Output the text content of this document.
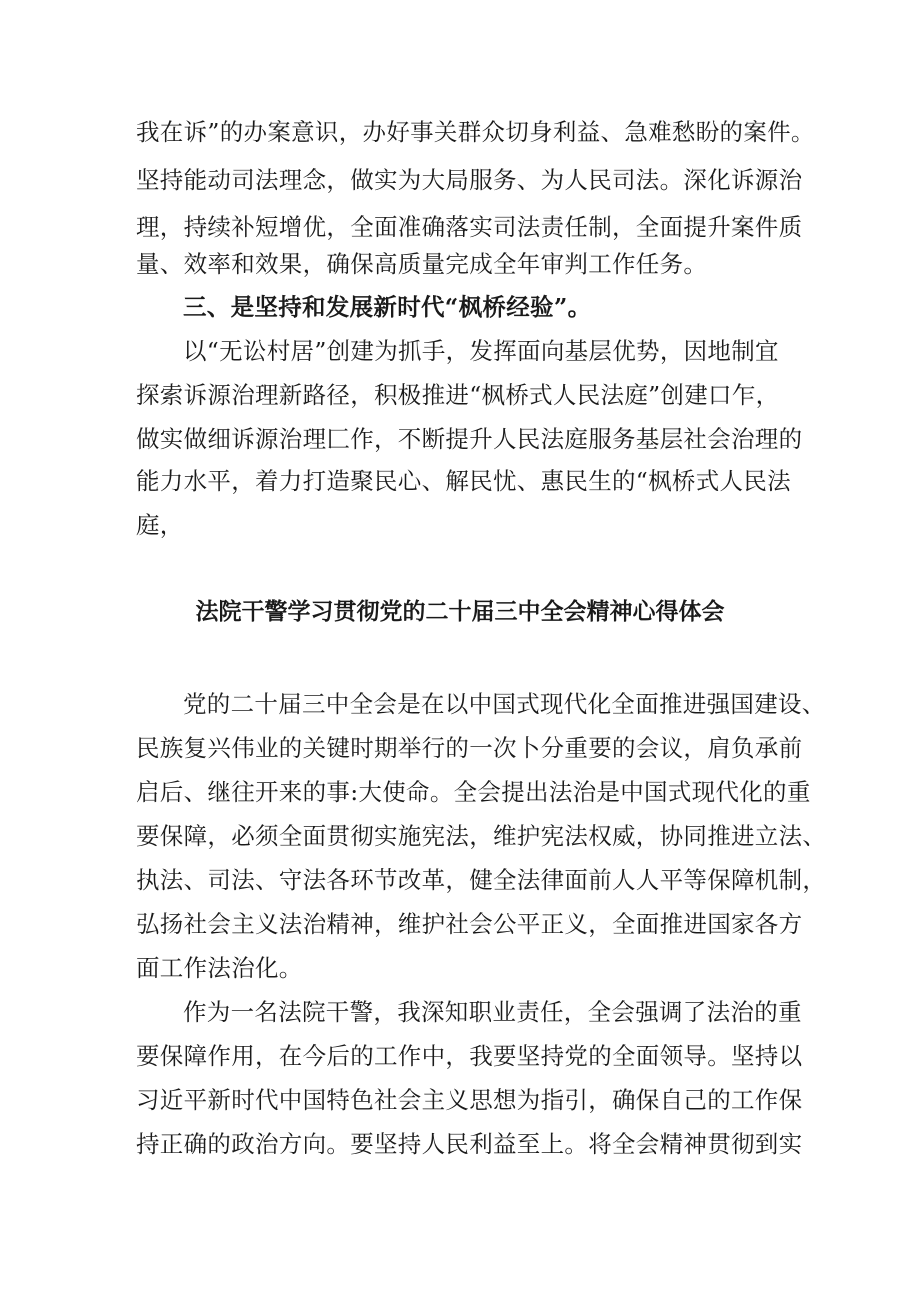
我在诉”的办案意识，办好事关群众切身利益、急难愁盼的案件。
坚持能动司法理念，做实为大局服务、为人民司法。深化诉源治
理，持续补短增优，全面准确落实司法责任制，全面提升案件质
量、效率和效果，确保高质量完成全年审判工作任务。
三、是坚持和发展新时代“枫桥经验”。
以“无讼村居”创建为抓手，发挥面向基层优势，因地制宜
探索诉源治理新路径，积极推进“枫桥式人民法庭”创建口乍，
做实做细诉源治理匚作，不断提升人民法庭服务基层社会治理的
能力水平，着力打造聚民心、解民忧、惠民生的“枫桥式人民法
庭，
法院干警学习贯彻党的二十届三中全会精神心得体会
党的二十届三中全会是在以中国式现代化全面推进强国建设、
民族复兴伟业的关键时期举行的一次卜分重要的会议，肩负承前
启后、继往开来的事:大使命。全会提出法治是中国式现代化的重
要保障，必须全面贯彻实施宪法，维护宪法权威，协同推进立法、
执法、司法、守法各环节改革，健全法律面前人人平等保障机制，
弘扬社会主义法治精神，维护社会公平正义，全面推进国家各方
面工作法治化。
作为一名法院干警，我深知职业责任，全会强调了法治的重
要保障作用，在今后的工作中，我要坚持党的全面领导。坚持以
习近平新时代中国特色社会主义思想为指引，确保自己的工作保
持正确的政治方向。要坚持人民利益至上。将全会精神贯彻到实
